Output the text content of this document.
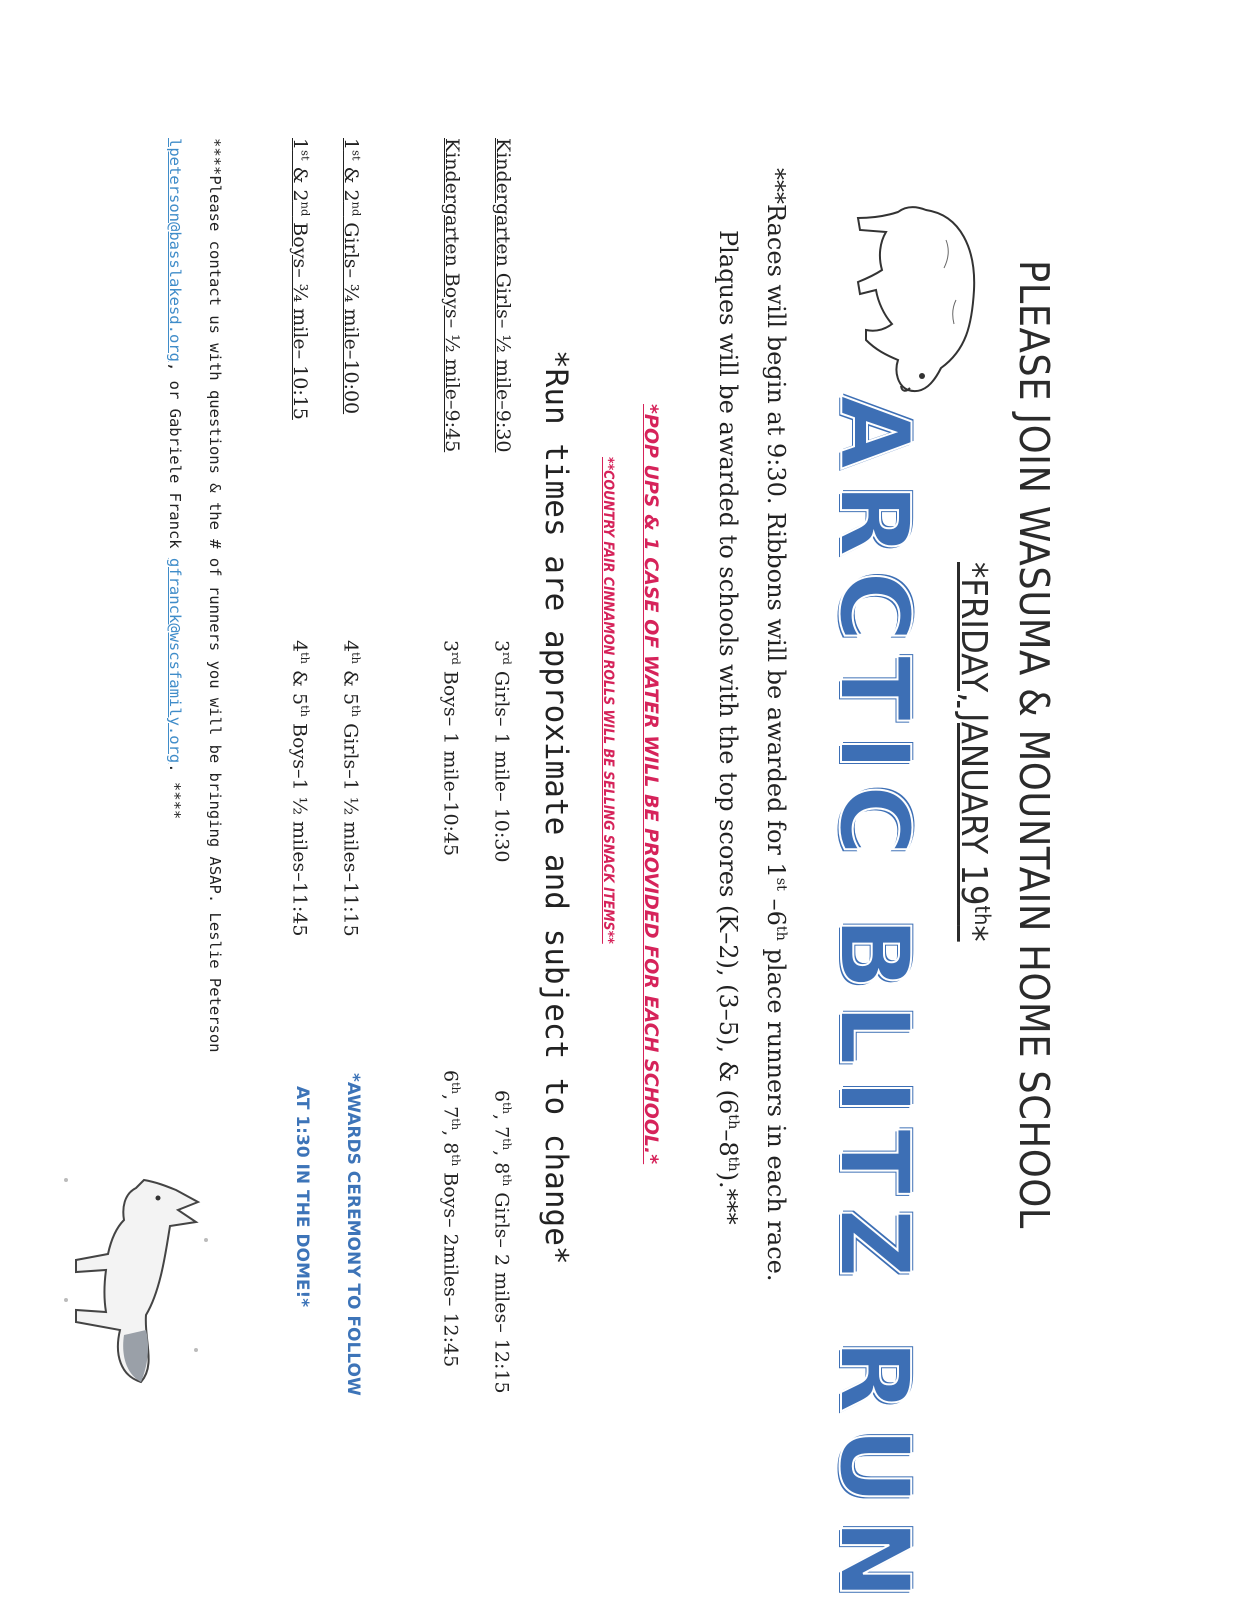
PLEASE JOIN WASUMA & MOUNTAIN HOME SCHOOL
*FRIDAY, JANUARY 19th*
ARCTIC BLITZ RUN
***Races will begin at 9:30. Ribbons will be awarded for 1st –6th place runners in each race.
Plaques will be awarded to schools with the top scores (K–2), (3–5), & (6th–8th).***
*POP UPS & 1 CASE OF WATER WILL BE PROVIDED FOR EACH SCHOOL.*
**COUNTRY FAIR CINNAMON ROLLS WILL BE SELLING SNACK ITEMS**
*Run times are approximate and subject to change*
Kindergarten Girls– ½ mile–9:30
Kindergarten Boys– ½ mile–9:45
1st & 2nd Girls– ¾ mile–10:00
1st & 2nd Boys– ¾ mile– 10:15
3rd Girls– 1 mile– 10:30
3rd Boys– 1 mile–10:45
4th & 5th Girls–1 ½ miles–11:15
4th & 5th Boys–1 ½ miles–11:45
6th, 7th, 8th Girls– 2 miles– 12:15
6th, 7th, 8th Boys– 2miles– 12:45
*AWARDS CEREMONY TO FOLLOW
AT 1:30 IN THE DOME!*
****Please contact us with questions & the # of runners you will be bringing ASAP. Leslie Peterson
lpeterson@basslakesd.org, or Gabriele Franck gfranck@wscsfamily.org. ****
